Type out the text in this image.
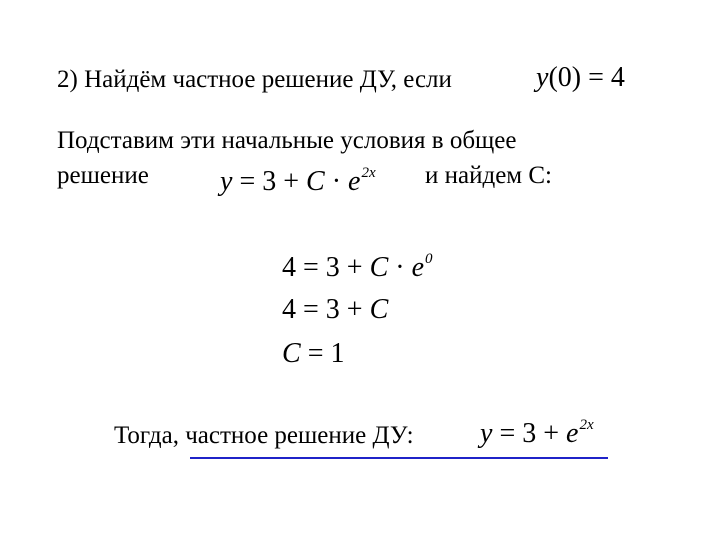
2) Найдём частное решение ДУ, если	y(0) = 4
Подставим эти начальные условия в общее
решение	$y = 3 + C \cdot e^{2x}$ и найдем С:
$4 = 3 + C \cdot e^0$
4 = 3 + C
C = 1
Тогда, частное решение ДУ: $y = 3 + e^{2x}$
